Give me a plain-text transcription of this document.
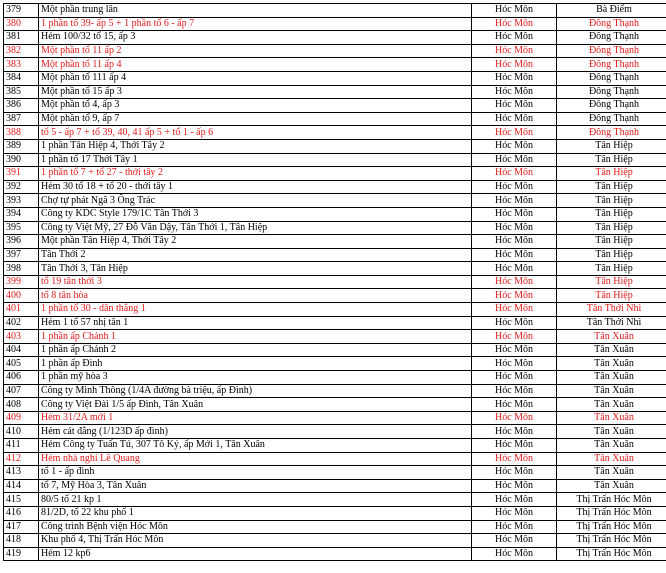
379	Một phần trung lân	Hóc Môn	Bà Điểm
380	1 phần tổ 39- ấp 5 + 1 phần tổ 6 - ấp 7	Hóc Môn	Đông Thạnh
381	Hẻm 100/32 tổ 15, ấp 3	Hóc Môn	Đông Thạnh
382	Một phần tổ 11 ấp 2	Hóc Môn	Đông Thạnh
383	Một phần tổ 11 ấp 4	Hóc Môn	Đông Thạnh
384	Một phần tổ 111 ấp 4	Hóc Môn	Đông Thạnh
385	Một phần tổ 15 ấp 3	Hóc Môn	Đông Thạnh
386	Một phần tổ 4, ấp 3	Hóc Môn	Đông Thạnh
387	Một phần tổ 9, ấp 7	Hóc Môn	Đông Thạnh
388	tổ 5 - ấp 7 + tổ 39, 40, 41 ấp 5 + tổ 1 - ấp 6	Hóc Môn	Đông Thạnh
389	1 phần Tân Hiệp 4, Thới Tây 2	Hóc Môn	Tân Hiệp
390	1 phần tổ 17 Thới Tây 1	Hóc Môn	Tân Hiệp
391	1 phần tổ 7 + tổ 27 - thới tây 2	Hóc Môn	Tân Hiệp
392	Hẻm 30 tổ 18 + tổ 20 - thới tây 1	Hóc Môn	Tân Hiệp
393	Chợ tự phát Ngã 3 Ông Trác	Hóc Môn	Tân Hiệp
394	Công ty KDC Style 179/1C Tân Thới 3	Hóc Môn	Tân Hiệp
395	Công ty Việt Mỹ, 27 Đỗ Văn Dậy, Tân Thới 1, Tân Hiệp	Hóc Môn	Tân Hiệp
396	Một phần Tân Hiệp 4, Thới Tây 2	Hóc Môn	Tân Hiệp
397	Tân Thới 2	Hóc Môn	Tân Hiệp
398	Tân Thới 3, Tân Hiệp	Hóc Môn	Tân Hiệp
399	tổ 19 tân thới 3	Hóc Môn	Tân Hiệp
400	tổ 8 tân hòa	Hóc Môn	Tân Hiệp
401	1 phần tổ 30 - dân thắng 1	Hóc Môn	Tân Thới Nhì
402	Hẻm 1 tổ 57 nhị tân 1	Hóc Môn	Tân Thới Nhì
403	1 phần ấp Chánh 1	Hóc Môn	Tân Xuân
404	1 phần ấp Chánh 2	Hóc Môn	Tân Xuân
405	1 phần ấp Đình	Hóc Môn	Tân Xuân
406	1 phần mỹ hòa 3	Hóc Môn	Tân Xuân
407	Công ty Minh Thông (1/4A đường bà triệu, ấp Đình)	Hóc Môn	Tân Xuân
408	Công ty Việt Đài 1/5 ấp Đình, Tân Xuân	Hóc Môn	Tân Xuân
409	Hẻm 31/2A mới 1	Hóc Môn	Tân Xuân
410	Hẻm cát đằng (1/123D ấp đình)	Hóc Môn	Tân Xuân
411	Hẻm Công ty Tuấn Tú, 307 Tô Ký, ấp Mới 1, Tân Xuân	Hóc Môn	Tân Xuân
412	Hẻm nhà nghỉ Lê Quang	Hóc Môn	Tân Xuân
413	tổ 1 - ấp đình	Hóc Môn	Tân Xuân
414	tổ 7, Mỹ Hòa 3, Tân Xuân	Hóc Môn	Tân Xuân
415	80/5 tổ 21 kp 1	Hóc Môn	Thị Trấn Hóc Môn
416	81/2D, tổ 22 khu phố 1	Hóc Môn	Thị Trấn Hóc Môn
417	Công trình Bệnh viện Hóc Môn	Hóc Môn	Thị Trấn Hóc Môn
418	Khu phố 4, Thị Trấn Hóc Môn	Hóc Môn	Thị Trấn Hóc Môn
419	Hẻm 12 kp6	Hóc Môn	Thị Trấn Hóc Môn
